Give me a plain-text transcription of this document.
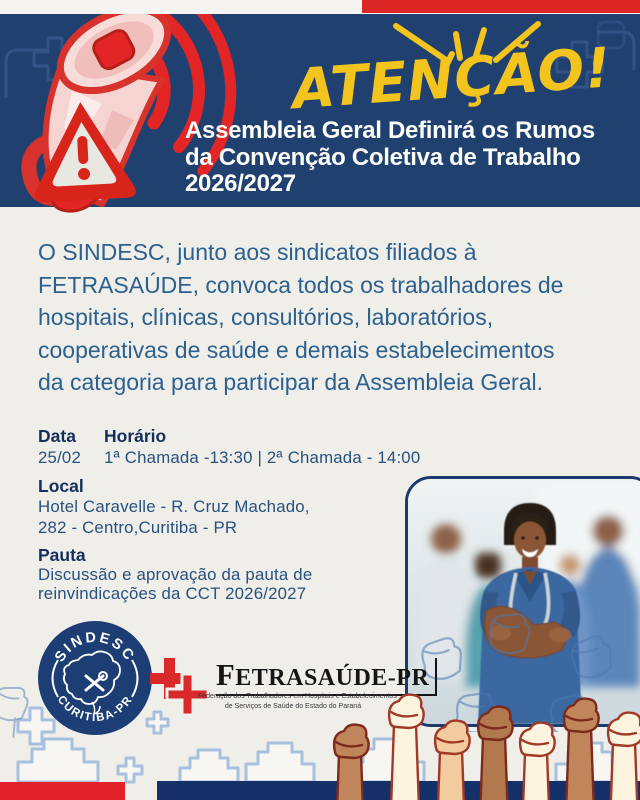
ATENÇÃO!
Assembleia Geral Definirá os Rumos
da Convenção Coletiva de Trabalho
2026/2027
O SINDESC, junto aos sindicatos filiados à
FETRASAÚDE, convoca todos os trabalhadores de
hospitais, clínicas, consultórios, laboratórios,
cooperativas de saúde e demais estabelecimentos
da categoria para participar da Assembleia Geral.
Data Horário
25/02 1ª Chamada -13:30 | 2ª Chamada - 14:00
Local
Hotel Caravelle - R. Cruz Machado,
282 - Centro,Curitiba - PR
Pauta
Discussão e aprovação da pauta de
reinvindicações da CCT 2026/2027
SINDESC
CURITIBA-PR
FETRASAÚDE-PR
Federação dos Trabalhadores em Hospitais e Estabelecimentos
de Serviços de Saúde do Estado do Paraná
